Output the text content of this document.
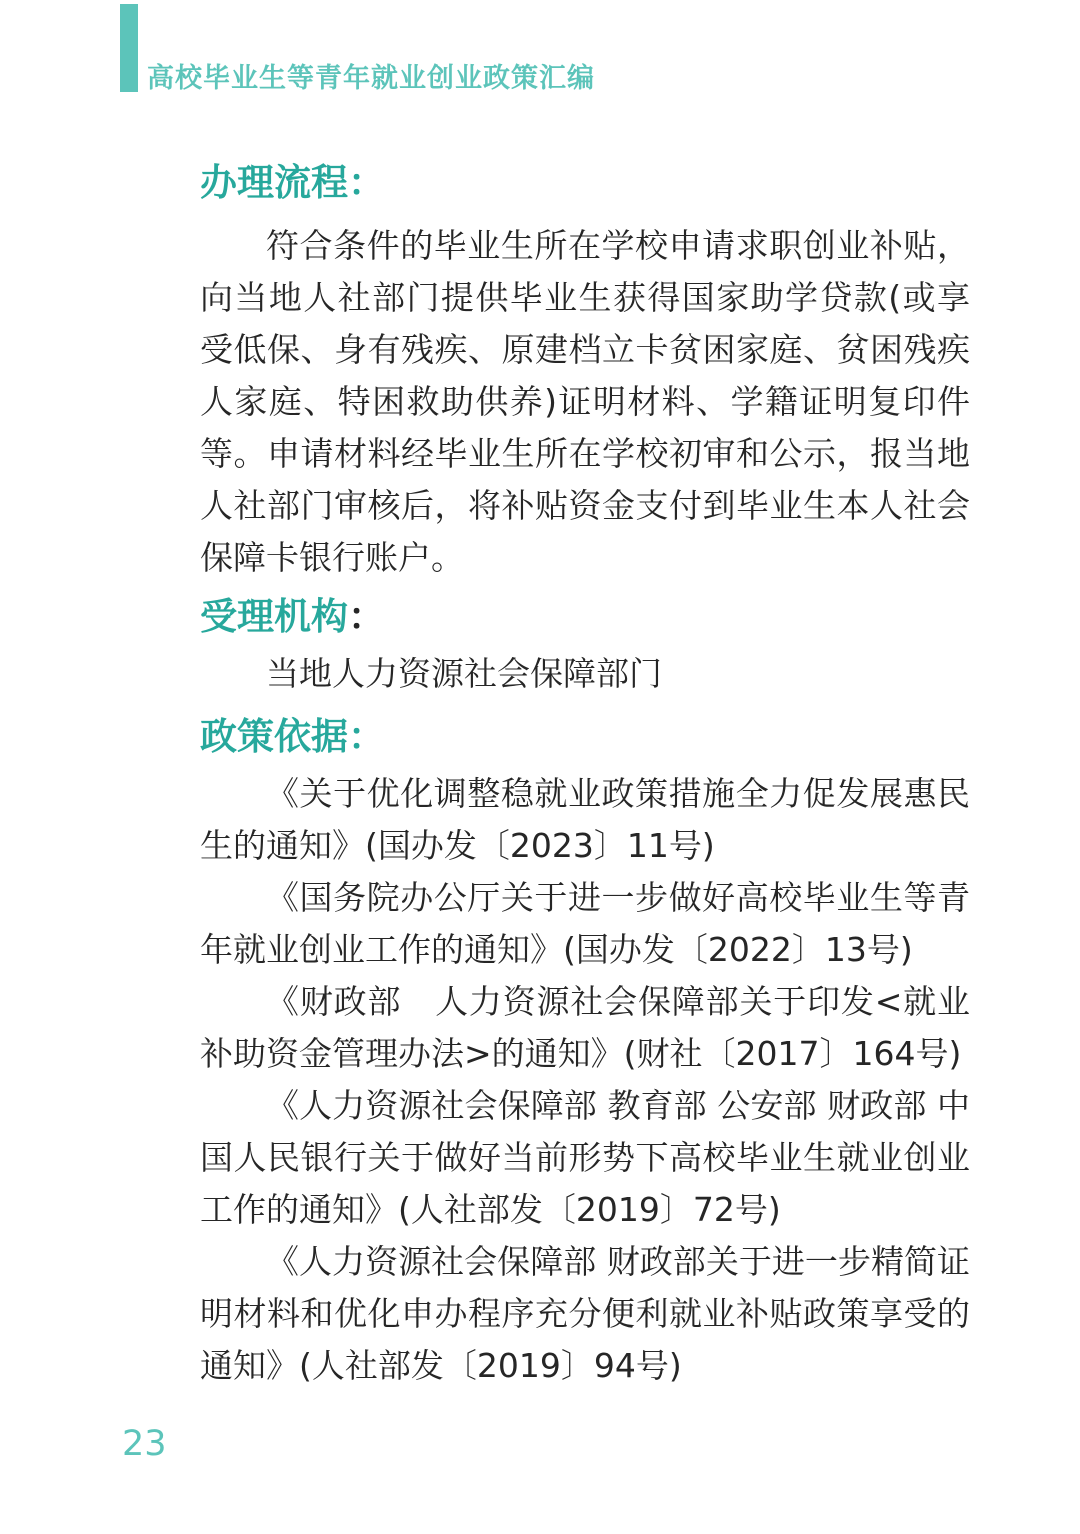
高校毕业生等青年就业创业政策汇编
办理流程：
符合条件的毕业生所在学校申请求职创业补贴，向当地人社部门提供毕业生获得国家助学贷款(或享受低保、身有残疾、原建档立卡贫困家庭、贫困残疾人家庭、特困救助供养)证明材料、学籍证明复印件等。申请材料经毕业生所在学校初审和公示，报当地人社部门审核后，将补贴资金支付到毕业生本人社会保障卡银行账户。
受理机构：
当地人力资源社会保障部门
政策依据：
《关于优化调整稳就业政策措施全力促发展惠民生的通知》(国办发〔2023〕11号)
《国务院办公厅关于进一步做好高校毕业生等青年就业创业工作的通知》(国办发〔2022〕13号)
《财政部　人力资源社会保障部关于印发<就业补助资金管理办法>的通知》(财社〔2017〕164号)
《人力资源社会保障部 教育部 公安部 财政部 中国人民银行关于做好当前形势下高校毕业生就业创业工作的通知》(人社部发〔2019〕72号)
《人力资源社会保障部 财政部关于进一步精简证明材料和优化申办程序充分便利就业补贴政策享受的通知》(人社部发〔2019〕94号)
23
